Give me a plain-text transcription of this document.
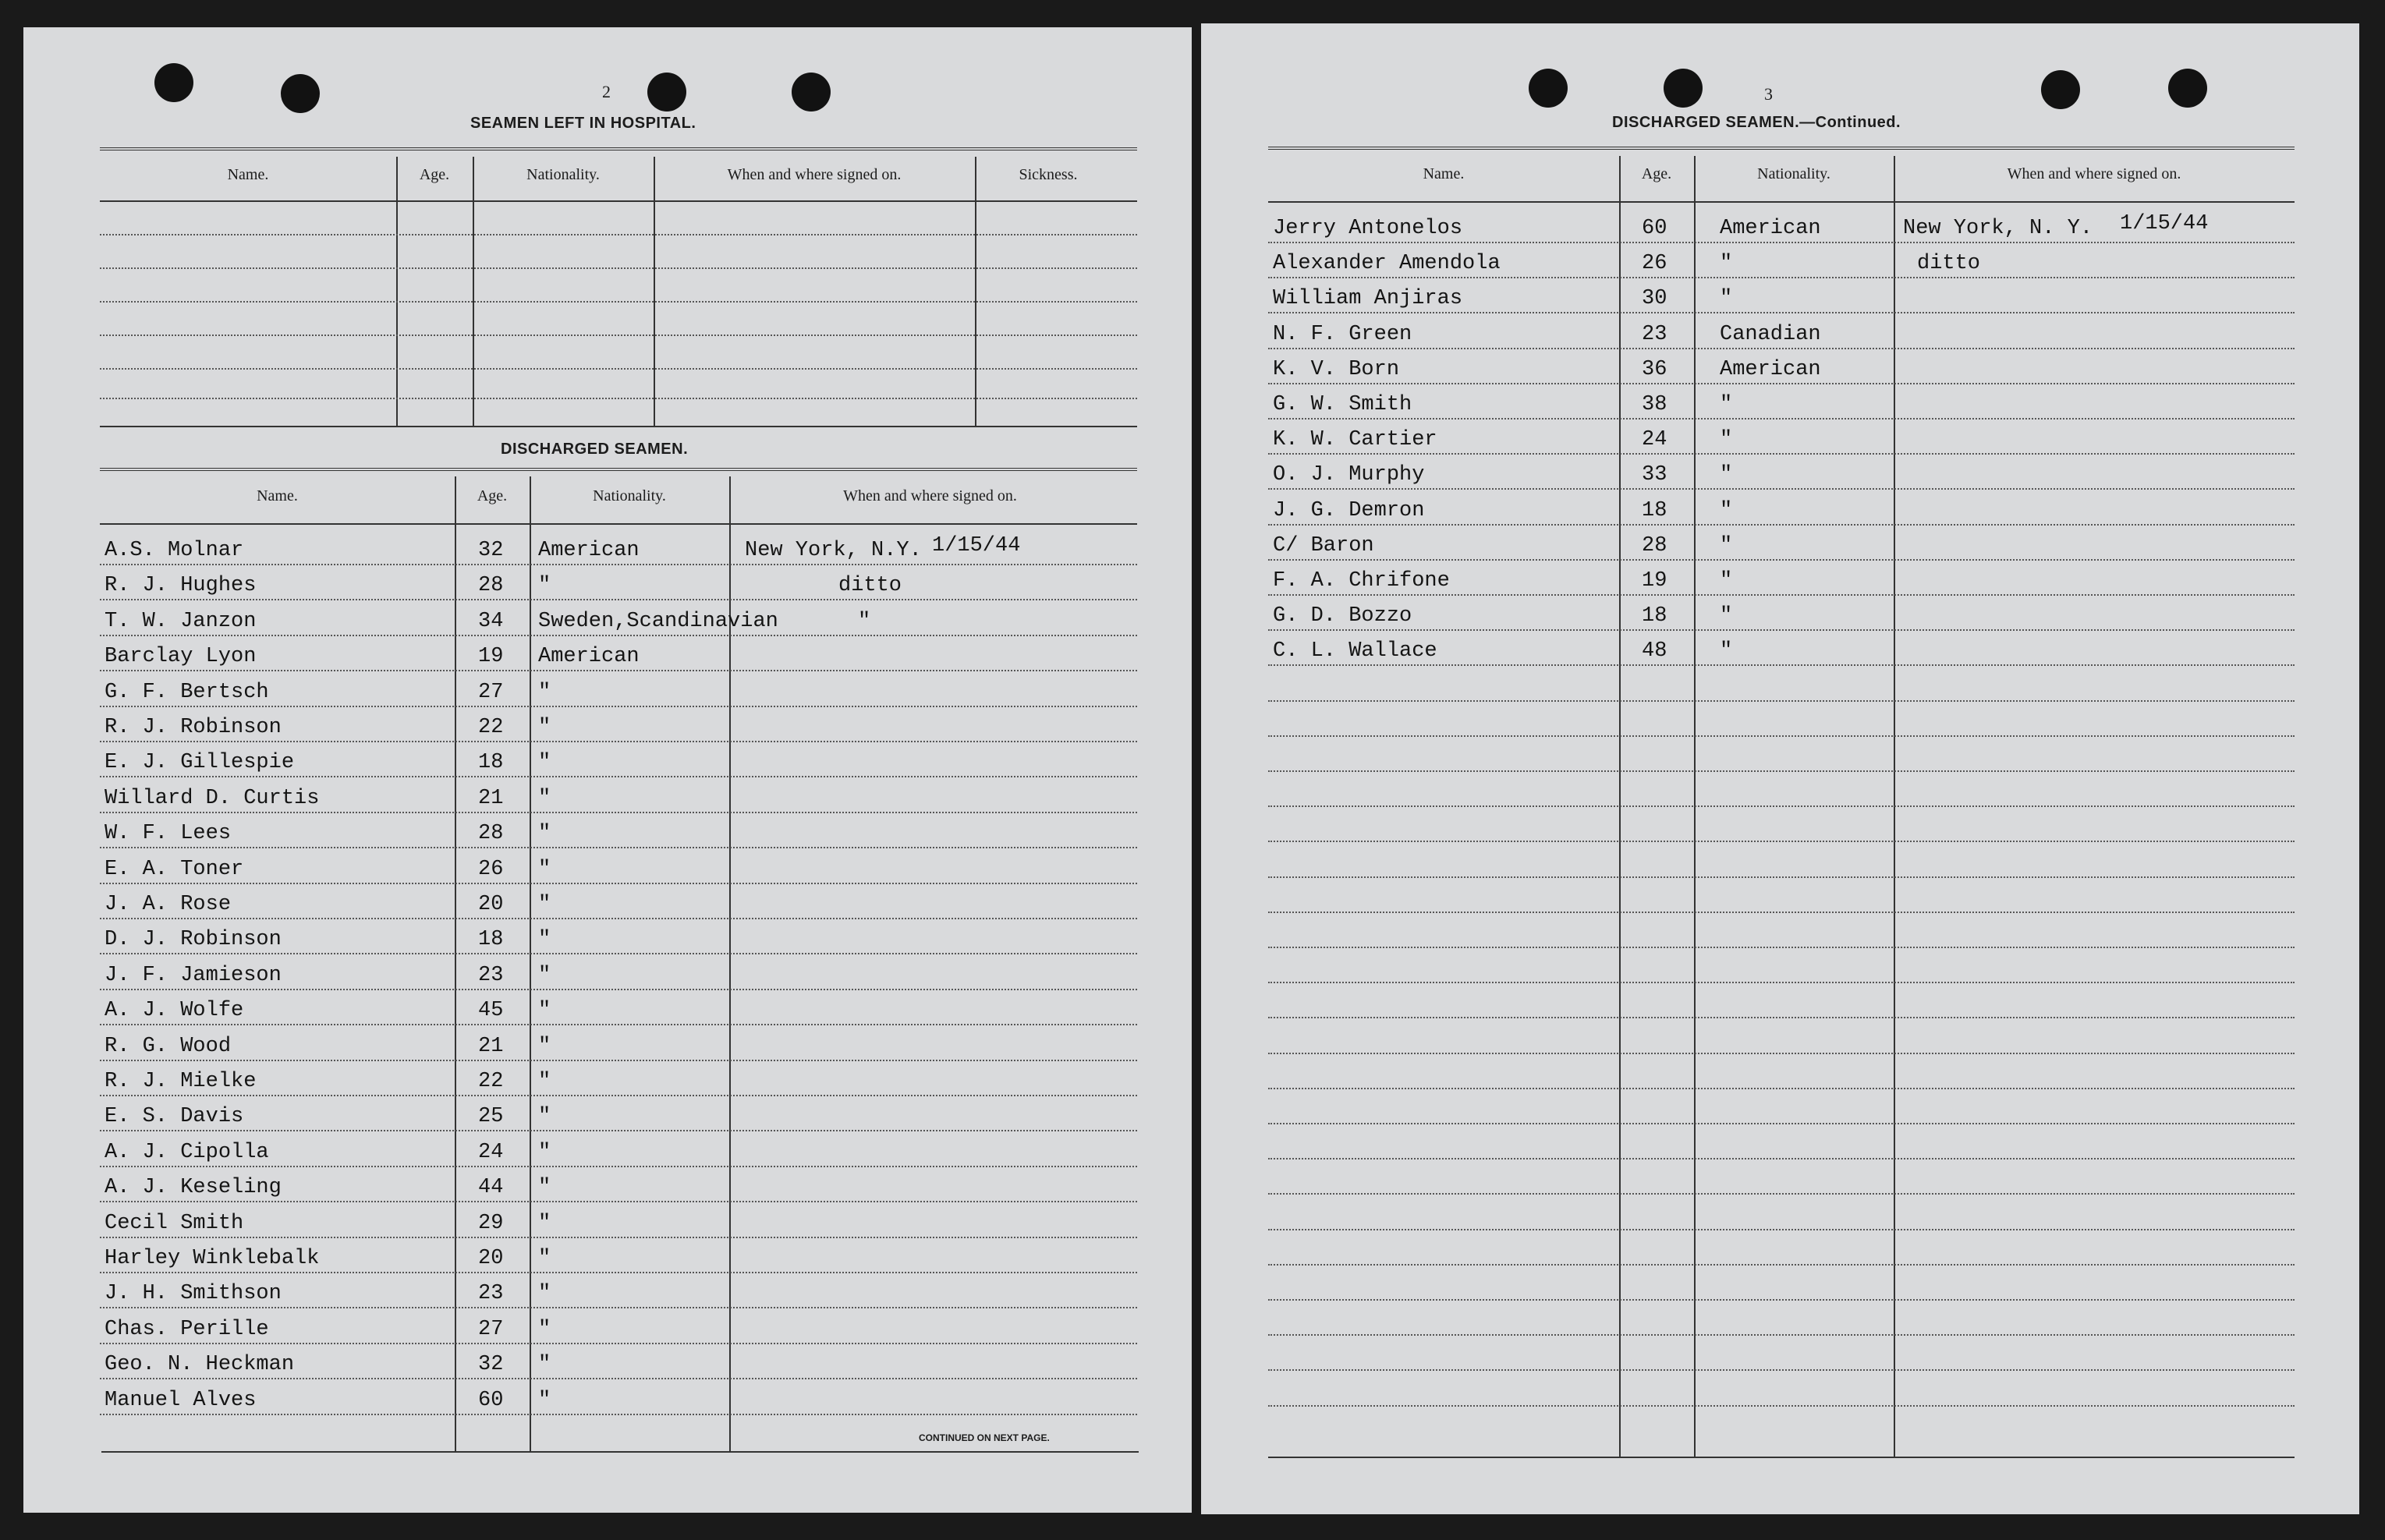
2
SEAMEN LEFT IN HOSPITAL.
Name.	Age.	Nationality.	When and where signed on.	Sickness.
DISCHARGED SEAMEN.
Name.	Age.	Nationality.	When and where signed on.
A.S. Molnar	32 American	New York, N.Y. 1/15/44
R. J. Hughes	28 "	ditto
T. W. Janzon	34 Sweden,Scandinavian	"
Barclay Lyon	19 American
G. F. Bertsch	27 "
R. J. Robinson	22 "
E. J. Gillespie	18 "
Willard D. Curtis	21 "
W. F. Lees	28 "
E. A. Toner	26 "
J. A. Rose	20 "
D. J. Robinson	18 "
J. F. Jamieson	23 "
A. J. Wolfe	45 "
R. G. Wood	21 "
R. J. Mielke	22 "
E. S. Davis	25 "
A. J. Cipolla	24 "
A. J. Keseling	44 "
Cecil Smith	29 "
Harley Winklebalk	20 "
J. H. Smithson	23 "
Chas. Perille	27 "
Geo. N. Heckman	32 "
Manuel Alves	60 "
CONTINUED ON NEXT PAGE.
3
DISCHARGED SEAMEN.—Continued.
Name.	Age.	Nationality.	When and where signed on.
Jerry Antonelos	60	American	New York, N. Y. 1/15/44
Alexander Amendola	26	"	ditto
William Anjiras	30	"
N. F. Green	23	Canadian
K. V. Born	36	American
G. W. Smith	38	"
K. W. Cartier	24	"
O. J. Murphy	33	"
J. G. Demron	18	"
C/ Baron	28	"
F. A. Chrifone	19	"
G. D. Bozzo	18	"
C. L. Wallace	48	"
